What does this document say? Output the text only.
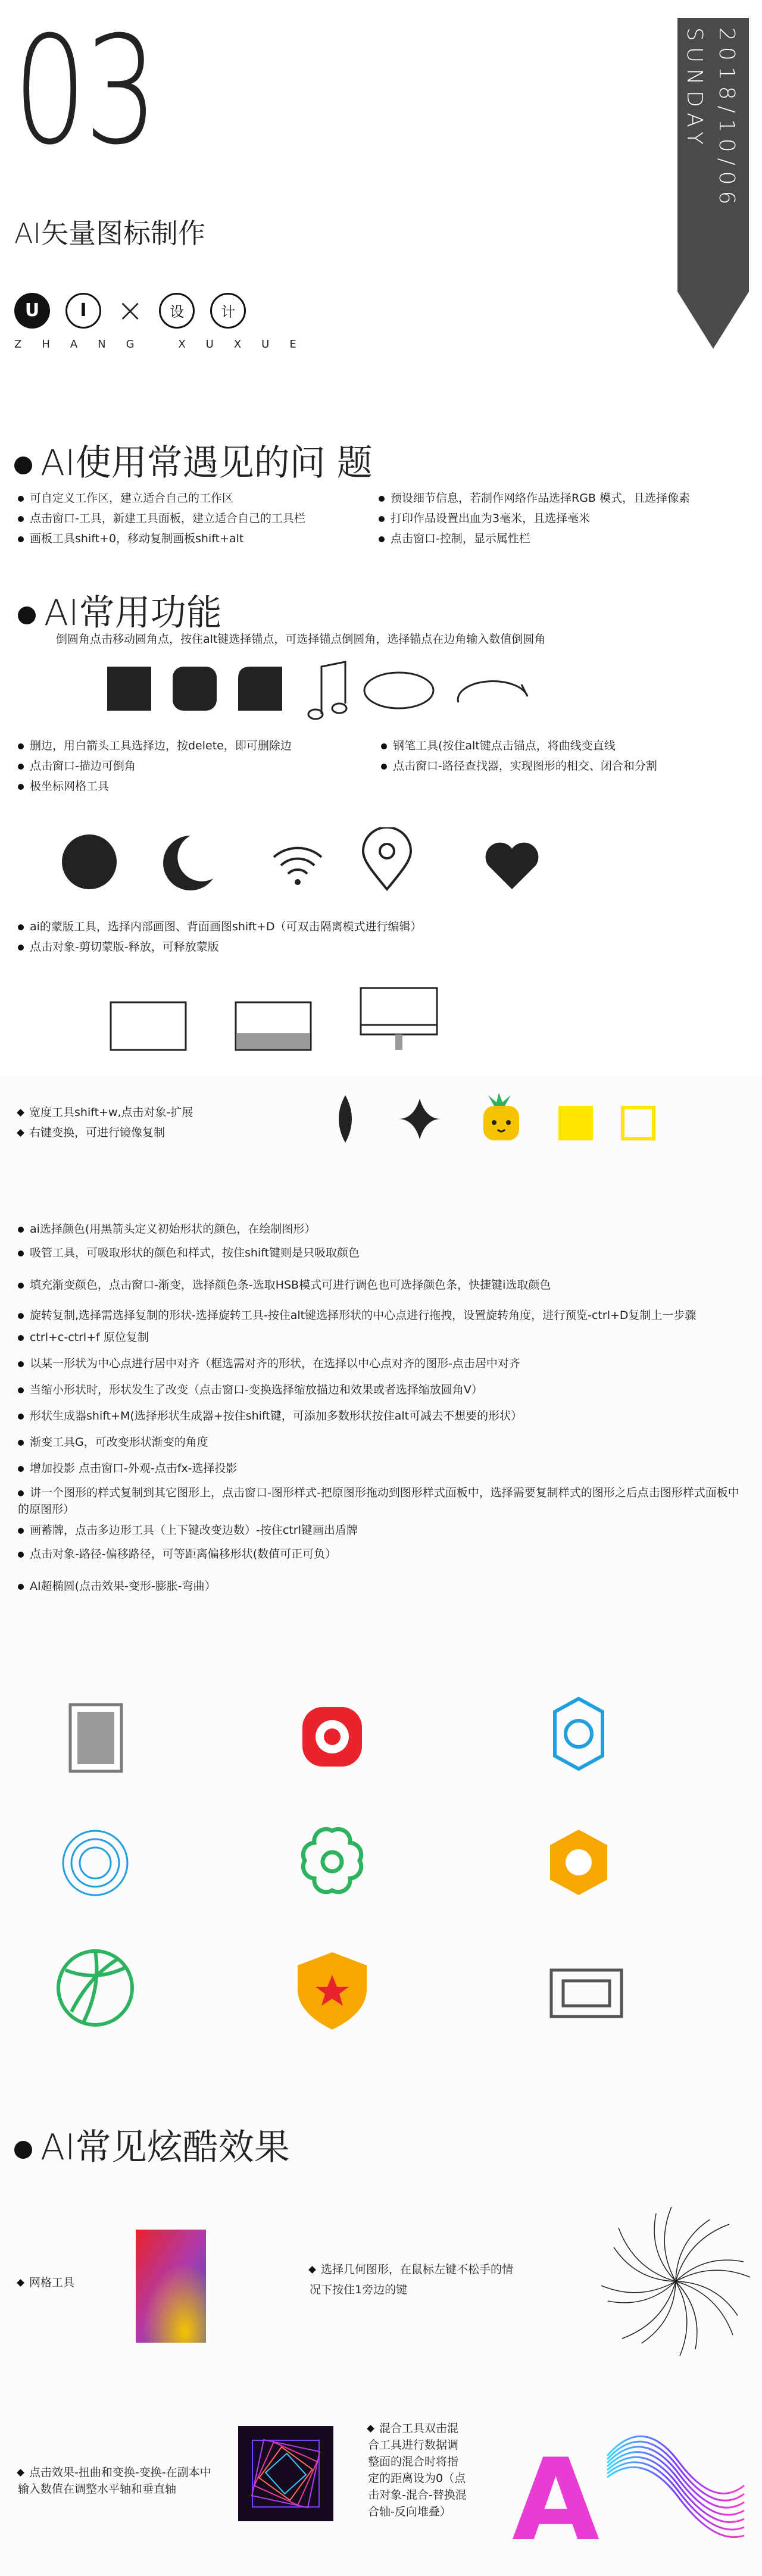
03
AI矢量图标制作
U	I ×	设	计
ZHANG XUXUE
SUNDAY 2018/10/06
AI使用常遇见的问 题
可自定义工作区，建立适合自己的工作区
点击窗口-工具，新建工具面板，建立适合自己的工具栏
画板工具shift+0，移动复制画板shift+alt
预设细节信息，若制作网络作品选择RGB 模式，且选择像素
打印作品设置出血为3毫米，且选择毫米
点击窗口-控制，显示属性栏
AI常用功能
倒圆角点击移动圆角点，按住alt键选择锚点，可选择锚点倒圆角，选择锚点在边角输入数值倒圆角
删边，用白箭头工具选择边，按delete，即可删除边
点击窗口-描边可倒角
极坐标网格工具
钢笔工具(按住alt键点击锚点，将曲线变直线
点击窗口-路径查找器，实现图形的相交、闭合和分割
ai的蒙版工具，选择内部画图、背面画图shift+D（可双击隔离模式进行编辑）
点击对象-剪切蒙版-释放，可释放蒙版
宽度工具shift+w,点击对象-扩展
右键变换，可进行镜像复制
ai选择颜色(用黑箭头定义初始形状的颜色，在绘制图形）
吸管工具，可吸取形状的颜色和样式，按住shift键则是只吸取颜色
填充渐变颜色，点击窗口-渐变，选择颜色条-选取HSB模式可进行调色也可选择颜色条，快捷键i选取颜色
旋转复制,选择需选择复制的形状-选择旋转工具-按住alt键选择形状的中心点进行拖拽，设置旋转角度，进行预览-ctrl+D复制上一步骤
ctrl+c-ctrl+f 原位复制
以某一形状为中心点进行居中对齐（框选需对齐的形状，在选择以中心点对齐的图形-点击居中对齐
当缩小形状时，形状发生了改变（点击窗口-变换选择缩放描边和效果或者选择缩放圆角V）
形状生成器shift+M(选择形状生成器+按住shift键，可添加多数形状按住alt可减去不想要的形状）
渐变工具G，可改变形状渐变的角度
增加投影 点击窗口-外观-点击fx-选择投影
讲一个图形的样式复制到其它图形上，点击窗口-图形样式-把原图形拖动到图形样式面板中，选择需要复制样式的图形之后点击图形样式面板中的原图形）
画蓄牌，点击多边形工具（上下键改变边数）-按住ctrl键画出盾牌
点击对象-路径-偏移路径，可等距离偏移形状(数值可正可负）
AI超椭圆(点击效果-变形-膨胀-弯曲）
AI常见炫酷效果
网格工具
选择几何图形，在鼠标左键不松手的情况下按住1旁边的键
点击效果-扭曲和变换-变换-在副本中输入数值在调整水平轴和垂直轴
混合工具双击混合工具进行数据调整面的混合时将指定的距离设为0（点击对象-混合-替换混合轴-反向堆叠） A
